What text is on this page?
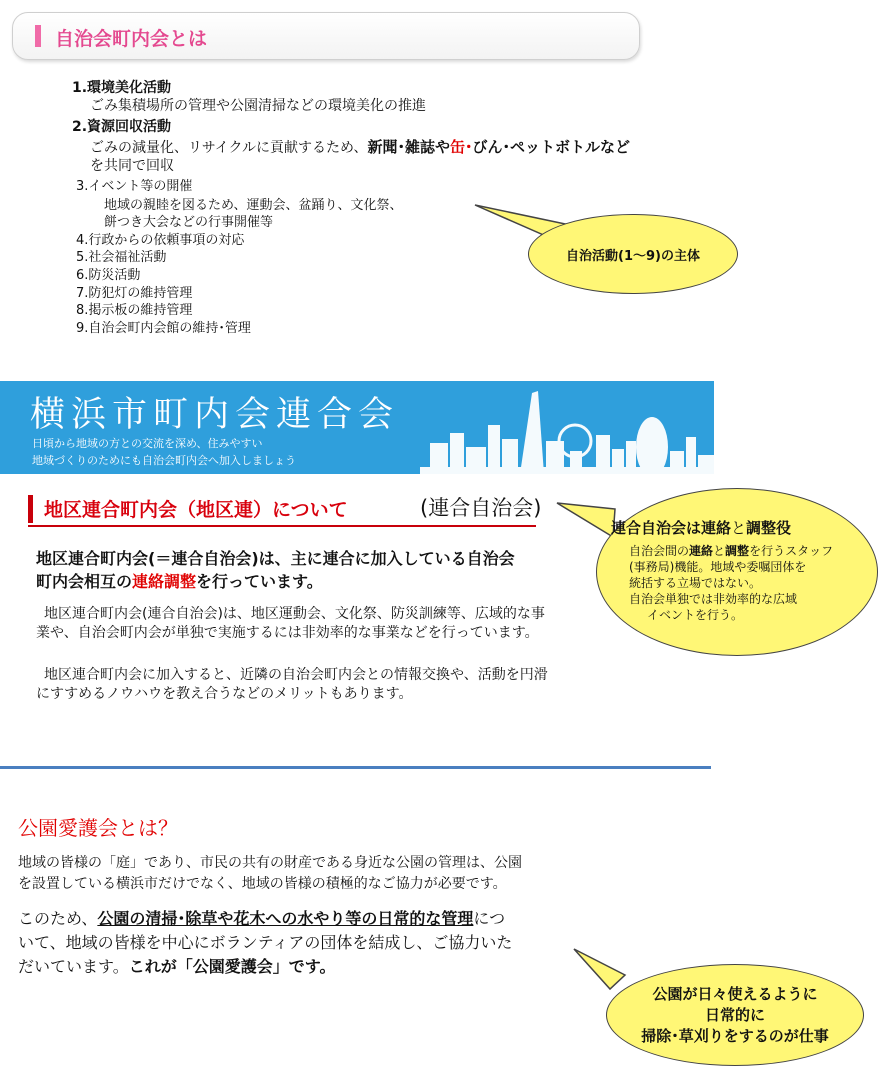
自治会町内会とは
1.環境美化活動
ごみ集積場所の管理や公園清掃などの環境美化の推進
2.資源回収活動
ごみの減量化、リサイクルに貢献するため、新聞･雑誌や缶･びん･ペットボトルなど
を共同で回収
3.イベント等の開催
地域の親睦を図るため、運動会、盆踊り、文化祭、
餅つき大会などの行事開催等
4.行政からの依頼事項の対応
5.社会福祉活動
6.防災活動
7.防犯灯の維持管理
8.掲示板の維持管理
9.自治会町内会館の維持･管理
自治活動(1～9)の主体
横浜市町内会連合会
日頃から地域の方との交流を深め、住みやすい
地域づくりのためにも自治会町内会へ加入しましょう
地区連合町内会（地区連）について	(連合自治会)
地区連合町内会(＝連合自治会)は、主に連合に加入している自治会
町内会相互の連絡調整を行っています。
地区連合町内会(連合自治会)は、地区運動会、文化祭、防災訓練等、広域的な事
業や、自治会町内会が単独で実施するには非効率的な事業などを行っています。
地区連合町内会に加入すると、近隣の自治会町内会との情報交換や、活動を円滑
にすすめるノウハウを教え合うなどのメリットもあります。
連合自治会は連絡と調整役
自治会間の連絡と調整を行うスタッフ
(事務局)機能。地域や委嘱団体を
統括する立場ではない。
自治会単独では非効率的な広域
イベントを行う。
公園愛護会とは？
地域の皆様の「庭」であり、市民の共有の財産である身近な公園の管理は、公園
を設置している横浜市だけでなく、地域の皆様の積極的なご協力が必要です。
このため、公園の清掃･除草や花木への水やり等の日常的な管理につ
いて、地域の皆様を中心にボランティアの団体を結成し、ご協力いた
だいています。これが「公園愛護会」です。
公園が日々使えるように
日常的に
掃除･草刈りをするのが仕事
